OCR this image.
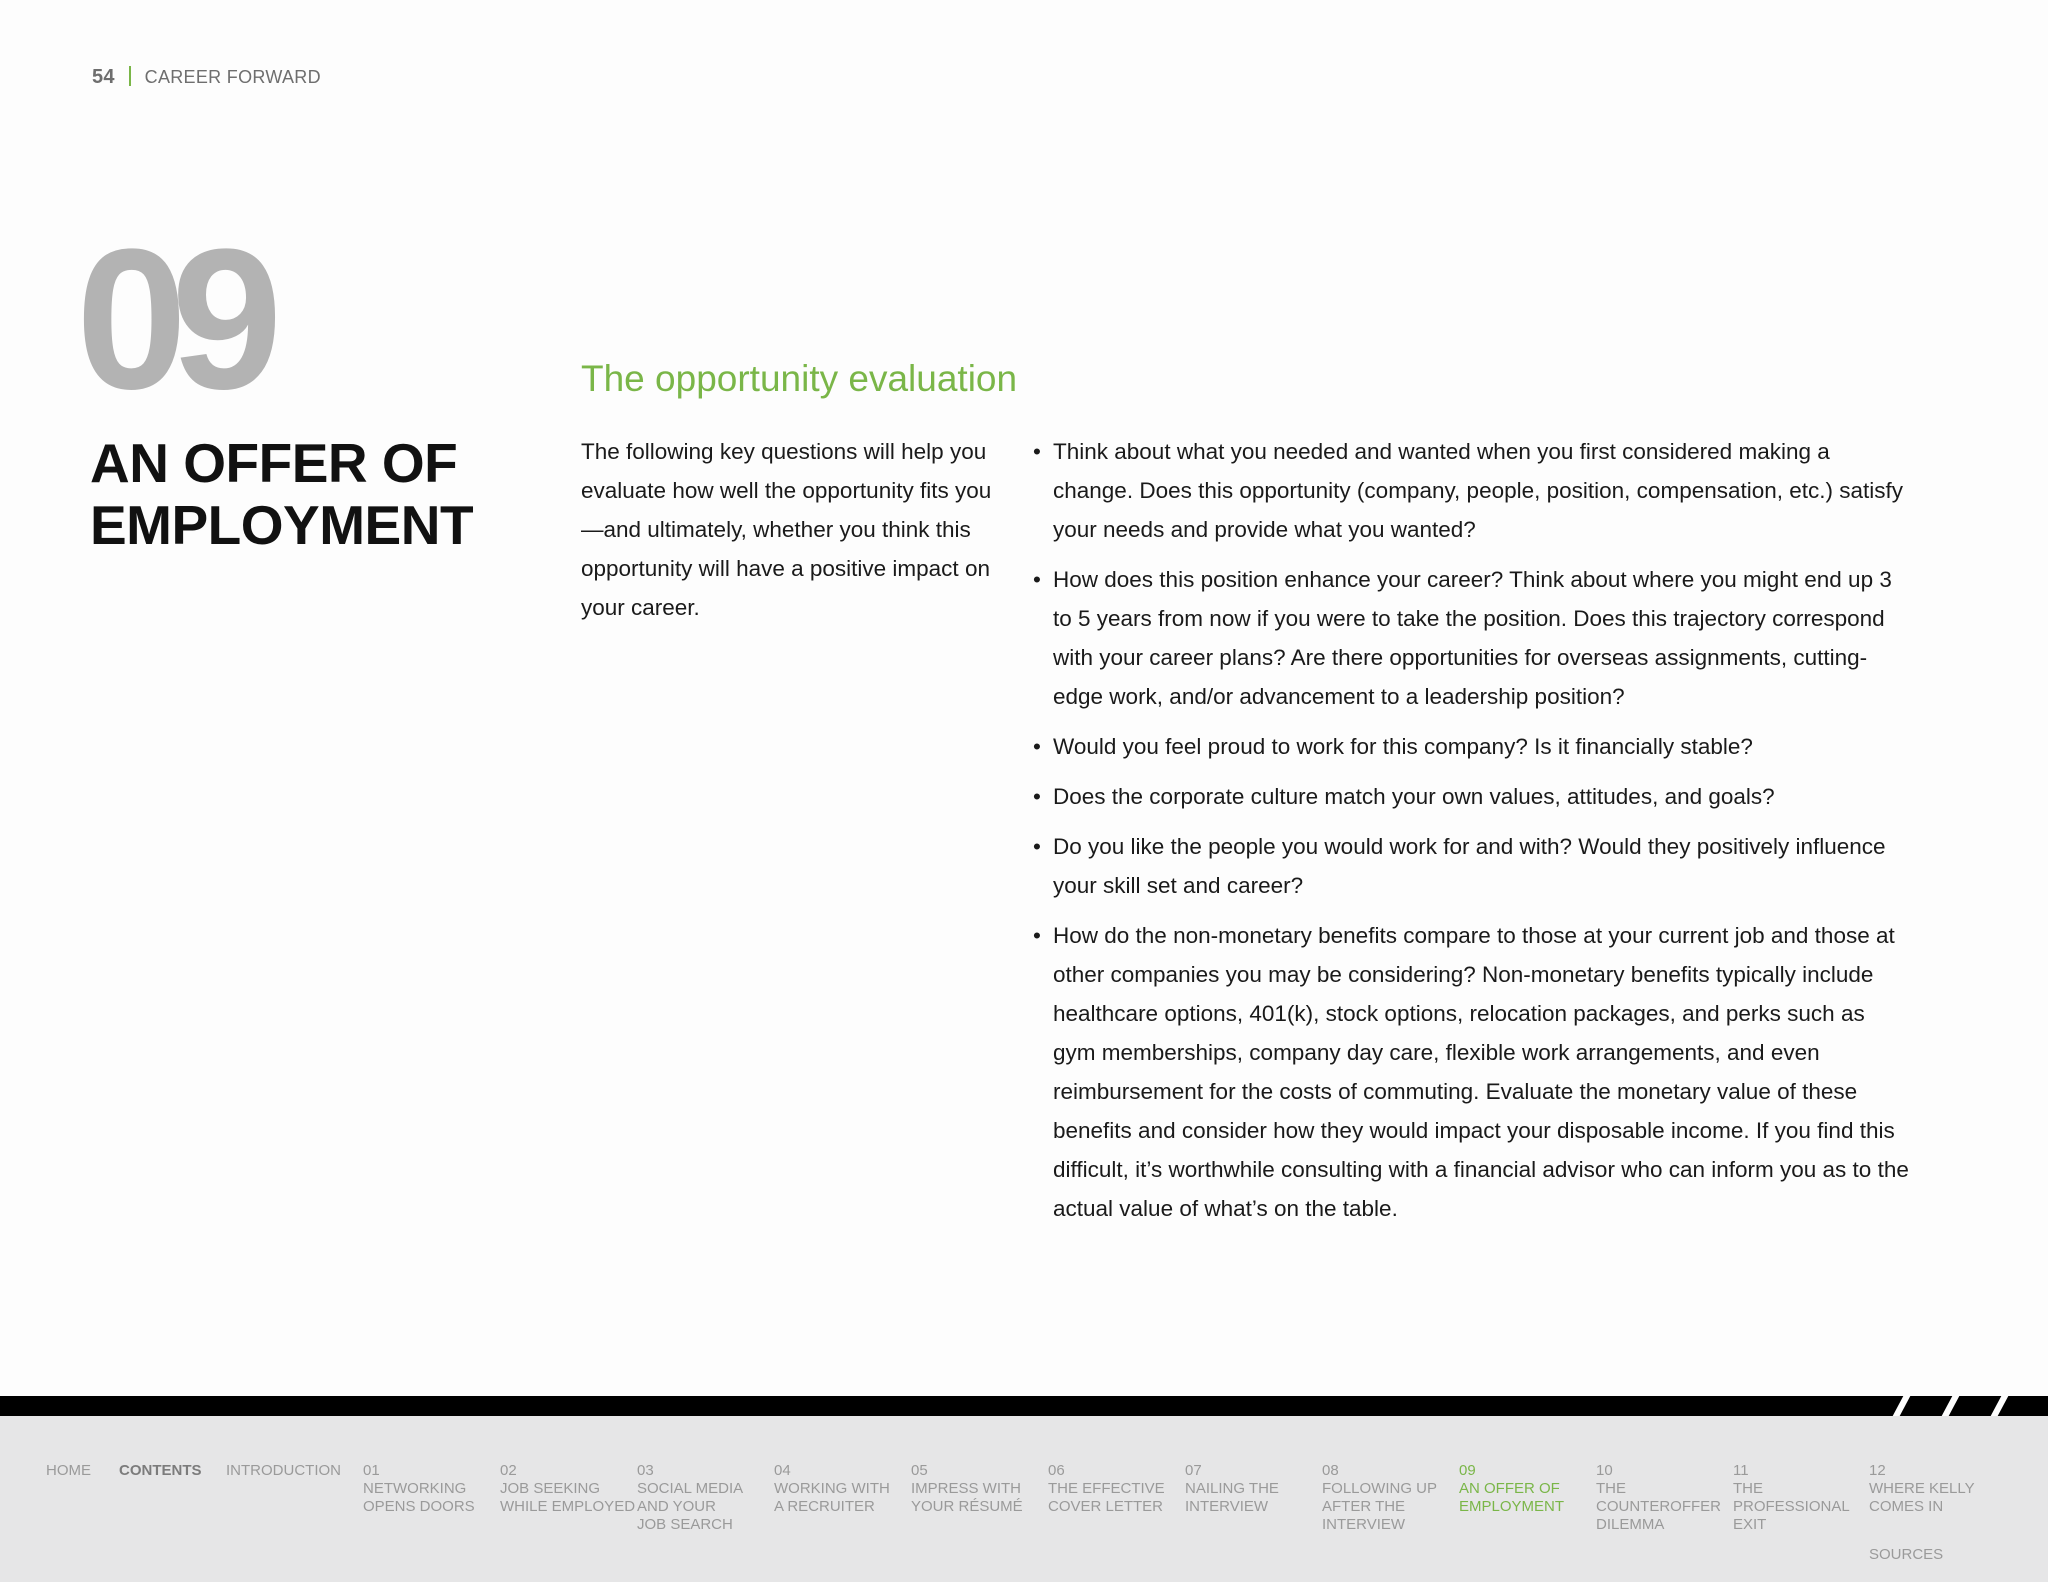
54 CAREER FORWARD
09
AN OFFER OF
EMPLOYMENT
The opportunity evaluation
The following key questions will help you evaluate how well the opportunity fits you—and ultimately, whether you think this opportunity will have a positive impact on your career.
• Think about what you needed and wanted when you first considered making a change. Does this opportunity (company, people, position, compensation, etc.) satisfy your needs and provide what you wanted?
• How does this position enhance your career? Think about where you might end up 3 to 5 years from now if you were to take the position. Does this trajectory correspond with your career plans? Are there opportunities for overseas assignments, cutting-edge work, and/or advancement to a leadership position?
• Would you feel proud to work for this company? Is it financially stable?
• Does the corporate culture match your own values, attitudes, and goals?
• Do you like the people you would work for and with? Would they positively influence your skill set and career?
• How do the non-monetary benefits compare to those at your current job and those at other companies you may be considering? Non-monetary benefits typically include healthcare options, 401(k), stock options, relocation packages, and perks such as gym memberships, company day care, flexible work arrangements, and even reimbursement for the costs of commuting. Evaluate the monetary value of these benefits and consider how they would impact your disposable income. If you find this difficult, it’s worthwhile consulting with a financial advisor who can inform you as to the actual value of what’s on the table.
HOME CONTENTS INTRODUCTION 01
NETWORKING
OPENS DOORS
02
JOB SEEKING
WHILE EMPLOYED
03
SOCIAL MEDIA
AND YOUR
JOB SEARCH
04
WORKING WITH
A RECRUITER
05
IMPRESS WITH
YOUR RÉSUMÉ
06
THE EFFECTIVE
COVER LETTER
07
NAILING THE
INTERVIEW
08
FOLLOWING UP
AFTER THE
INTERVIEW
09
AN OFFER OF
EMPLOYMENT
10
THE
COUNTEROFFER
DILEMMA
11
THE
PROFESSIONAL
EXIT
12
WHERE KELLY
COMES IN
SOURCES
